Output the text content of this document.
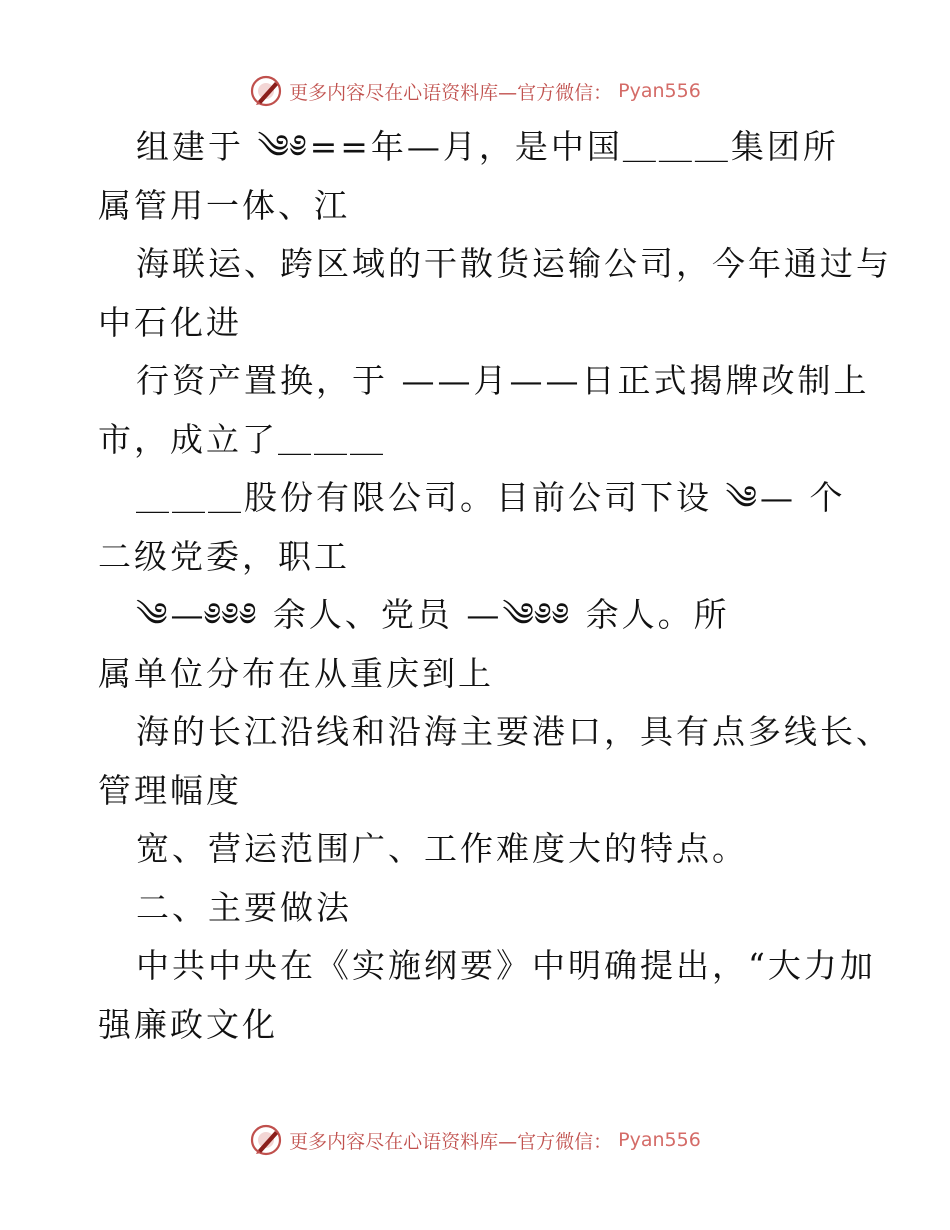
更多内容尽在心语资料库—官方微信： Pyan556
组建于 ༄༅==年—月，是中国＿＿＿集团所
属管用一体、江
海联运、跨区域的干散货运输公司，今年通过与
中石化进
行资产置换，于 ——月——日正式揭牌改制上
市，成立了＿＿＿
＿＿＿股份有限公司。目前公司下设 ༄— 个
二级党委，职工
༄—༅༅༅ 余人、党员 —༄༅༅ 余人。所
属单位分布在从重庆到上
海的长江沿线和沿海主要港口，具有点多线长、
管理幅度
宽、营运范围广、工作难度大的特点。
二、主要做法
中共中央在《实施纲要》中明确提出，“大力加
强廉政文化
更多内容尽在心语资料库—官方微信： Pyan556
